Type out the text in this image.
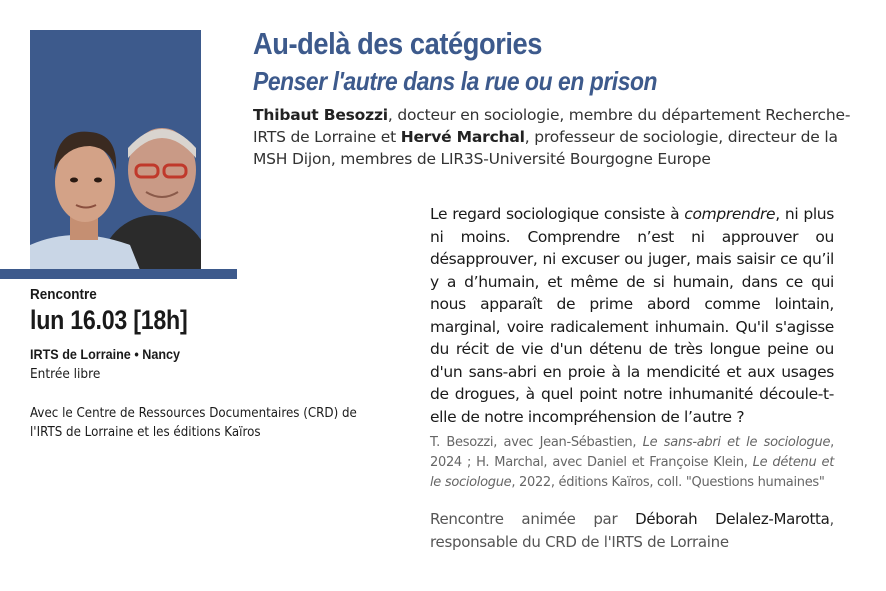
Au-delà des catégories
Penser l'autre dans la rue ou en prison
Thibaut Besozzi, docteur en sociologie, membre du département Recherche-IRTS de Lorraine et Hervé Marchal, professeur de sociologie, directeur de la MSH Dijon, membres de LIR3S-Université Bourgogne Europe
Rencontre
lun 16.03 [18h]
IRTS de Lorraine • Nancy
Entrée libre
Avec le Centre de Ressources Documentaires (CRD) de l'IRTS de Lorraine et les éditions Kaïros

Le regard sociologique consiste à comprendre, ni plus ni moins. Comprendre n’est ni approuver ou désapprouver, ni excuser ou juger, mais saisir ce qu’il y a d’humain, et même de si humain, dans ce qui nous apparaît de prime abord comme lointain, marginal, voire radicalement inhumain. Qu'il s'agisse du récit de vie d'un détenu de très longue peine ou d'un sans-abri en proie à la mendicité et aux usages de drogues, à quel point notre inhumanité découle-t-elle de notre incompréhension de l’autre ?

T. Besozzi, avec Jean-Sébastien, Le sans-abri et le sociologue, 2024 ; H. Marchal, avec Daniel et Françoise Klein, Le détenu et le sociologue, 2022, éditions Kaïros, coll. "Questions humaines"

Rencontre animée par Déborah Delalez-Marotta, responsable du CRD de l'IRTS de Lorraine
